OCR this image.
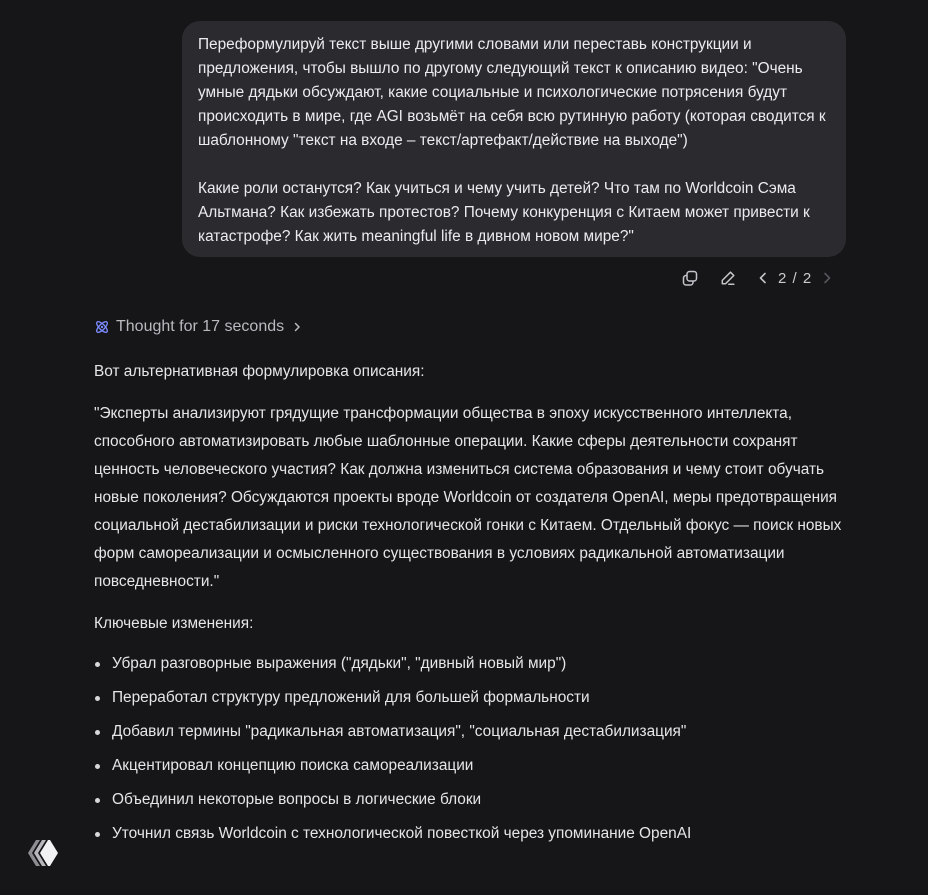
Переформулируй текст выше другими словами или переставь конструкции и предложения, чтобы вышло по другому следующий текст к описанию видео: "Очень умные дядьки обсуждают, какие социальные и психологические потрясения будут происходить в мире, где AGI возьмёт на себя всю рутинную работу (которая сводится к шаблонному "текст на входе – текст/артефакт/действие на выходе")

Какие роли останутся? Как учиться и чему учить детей? Что там по Worldcoin Сэма Альтмана? Как избежать протестов? Почему конкуренция с Китаем может привести к катастрофе? Как жить meaningful life в дивном новом мире?"

2 / 2
Thought for 17 seconds

Вот альтернативная формулировка описания:

"Эксперты анализируют грядущие трансформации общества в эпоху искусственного интеллекта, способного автоматизировать любые шаблонные операции. Какие сферы деятельности сохранят ценность человеческого участия? Как должна измениться система образования и чему стоит обучать новые поколения? Обсуждаются проекты вроде Worldcoin от создателя OpenAI, меры предотвращения социальной дестабилизации и риски технологической гонки с Китаем. Отдельный фокус — поиск новых форм самореализации и осмысленного существования в условиях радикальной автоматизации повседневности."

Ключевые изменения:

Убрал разговорные выражения ("дядьки", "дивный новый мир")
Переработал структуру предложений для большей формальности
Добавил термины "радикальная автоматизация", "социальная дестабилизация"
Акцентировал концепцию поиска самореализации
Объединил некоторые вопросы в логические блоки
Уточнил связь Worldcoin с технологической повесткой через упоминание OpenAI
